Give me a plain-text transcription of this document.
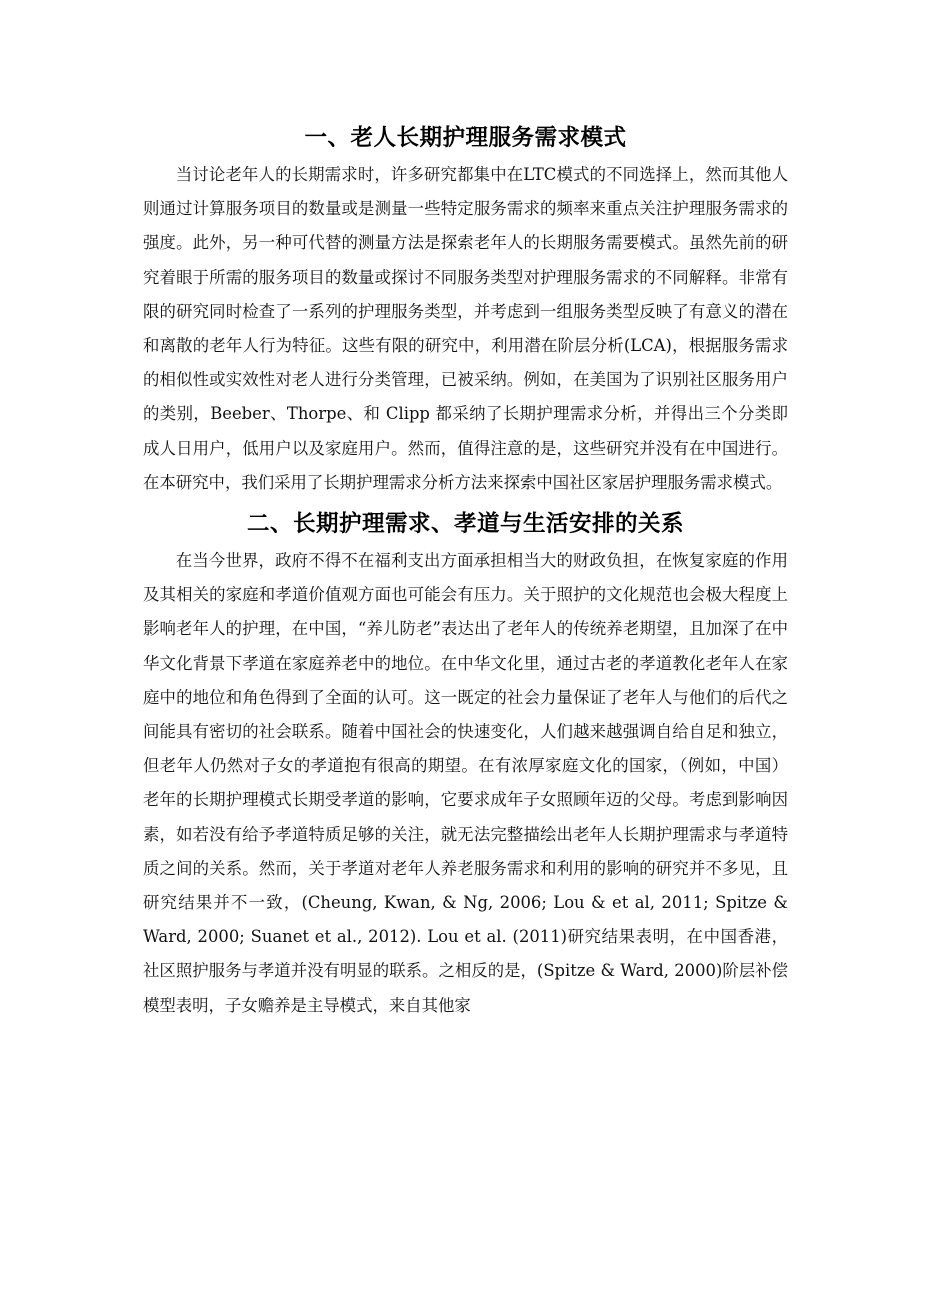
一、老人长期护理服务需求模式

当讨论老年人的长期需求时，许多研究都集中在LTC模式的不同选择上，然而其他人则通过计算服务项目的数量或是测量一些特定服务需求的频率来重点关注护理服务需求的强度。此外，另一种可代替的测量方法是探索老年人的长期服务需要模式。虽然先前的研究着眼于所需的服务项目的数量或探讨不同服务类型对护理服务需求的不同解释。非常有限的研究同时检查了一系列的护理服务类型，并考虑到一组服务类型反映了有意义的潜在和离散的老年人行为特征。这些有限的研究中，利用潜在阶层分析(LCA)，根据服务需求的相似性或实效性对老人进行分类管理，已被采纳。例如，在美国为了识别社区服务用户的类别，Beeber、Thorpe、和 Clipp 都采纳了长期护理需求分析，并得出三个分类即成人日用户，低用户以及家庭用户。然而，值得注意的是，这些研究并没有在中国进行。在本研究中，我们采用了长期护理需求分析方法来探索中国社区家居护理服务需求模式。

二、长期护理需求、孝道与生活安排的关系

在当今世界，政府不得不在福利支出方面承担相当大的财政负担，在恢复家庭的作用及其相关的家庭和孝道价值观方面也可能会有压力。关于照护的文化规范也会极大程度上影响老年人的护理，在中国，“养儿防老”表达出了老年人的传统养老期望，且加深了在中华文化背景下孝道在家庭养老中的地位。在中华文化里，通过古老的孝道教化老年人在家庭中的地位和角色得到了全面的认可。这一既定的社会力量保证了老年人与他们的后代之间能具有密切的社会联系。随着中国社会的快速变化，人们越来越强调自给自足和独立，但老年人仍然对子女的孝道抱有很高的期望。在有浓厚家庭文化的国家，（例如，中国）老年的长期护理模式长期受孝道的影响，它要求成年子女照顾年迈的父母。考虑到影响因素，如若没有给予孝道特质足够的关注，就无法完整描绘出老年人长期护理需求与孝道特质之间的关系。然而，关于孝道对老年人养老服务需求和利用的影响的研究并不多见，且研究结果并不一致，(Cheung, Kwan, & Ng, 2006; Lou & et al, 2011; Spitze & Ward, 2000; Suanet et al., 2012). Lou et al. (2011)研究结果表明，在中国香港，社区照护服务与孝道并没有明显的联系。之相反的是，(Spitze & Ward, 2000)阶层补偿模型表明，子女赡养是主导模式，来自其他家
